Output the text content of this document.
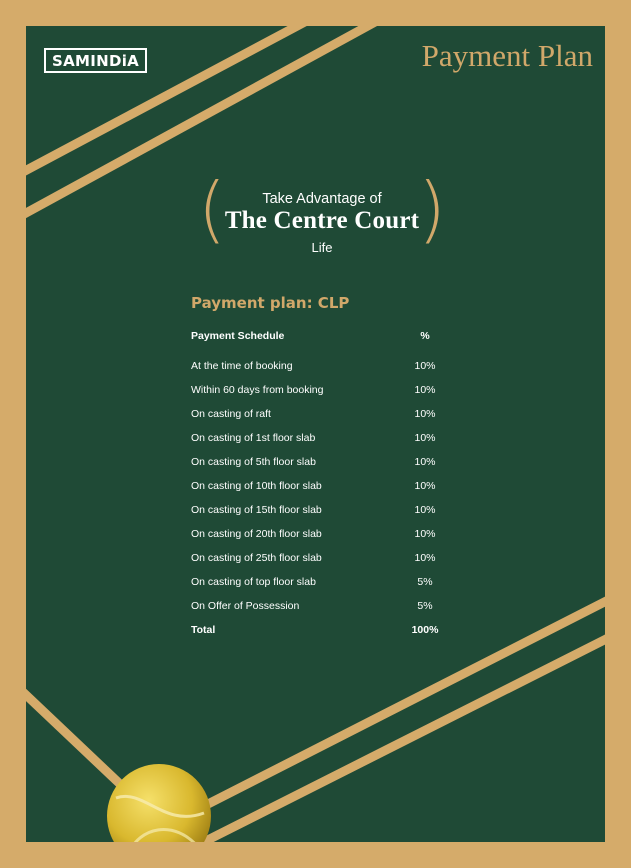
SAMINDiA	Payment Plan
(	)
Take Advantage of
The Centre Court
Life
Payment plan: CLP
Payment Schedule	%
At the time of booking	10%
Within 60 days from booking	10%
On casting of raft	10%
On casting of 1st floor slab	10%
On casting of 5th floor slab	10%
On casting of 10th floor slab	10%
On casting of 15th floor slab	10%
On casting of 20th floor slab	10%
On casting of 25th floor slab	10%
On casting of top floor slab	5%
On Offer of Possession	5%
Total	100%
